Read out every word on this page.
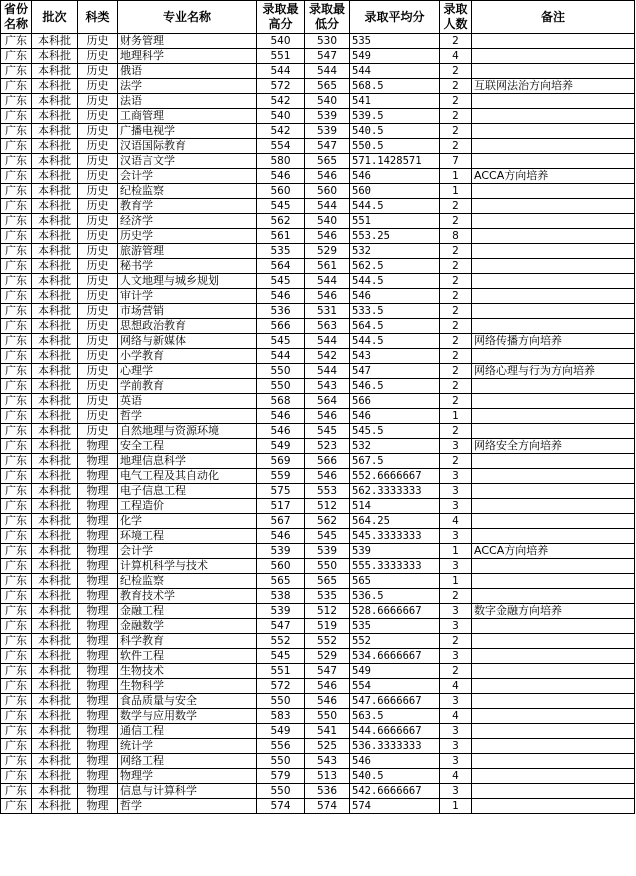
省份名称	批次	科类	专业名称	录取最高分	录取最低分	录取平均分	录取人数	备注
广东	本科批	历史	财务管理	540	530	535	2	
广东	本科批	历史	地理科学	551	547	549	4	
广东	本科批	历史	俄语	544	544	544	2	
广东	本科批	历史	法学	572	565	568.5	2	互联网法治方向培养
广东	本科批	历史	法语	542	540	541	2	
广东	本科批	历史	工商管理	540	539	539.5	2	
广东	本科批	历史	广播电视学	542	539	540.5	2	
广东	本科批	历史	汉语国际教育	554	547	550.5	2	
广东	本科批	历史	汉语言文学	580	565	571.1428571	7	
广东	本科批	历史	会计学	546	546	546	1	ACCA方向培养
广东	本科批	历史	纪检监察	560	560	560	1	
广东	本科批	历史	教育学	545	544	544.5	2	
广东	本科批	历史	经济学	562	540	551	2	
广东	本科批	历史	历史学	561	546	553.25	8	
广东	本科批	历史	旅游管理	535	529	532	2	
广东	本科批	历史	秘书学	564	561	562.5	2	
广东	本科批	历史	人文地理与城乡规划	545	544	544.5	2	
广东	本科批	历史	审计学	546	546	546	2	
广东	本科批	历史	市场营销	536	531	533.5	2	
广东	本科批	历史	思想政治教育	566	563	564.5	2	
广东	本科批	历史	网络与新媒体	545	544	544.5	2	网络传播方向培养
广东	本科批	历史	小学教育	544	542	543	2	
广东	本科批	历史	心理学	550	544	547	2	网络心理与行为方向培养
广东	本科批	历史	学前教育	550	543	546.5	2	
广东	本科批	历史	英语	568	564	566	2	
广东	本科批	历史	哲学	546	546	546	1	
广东	本科批	历史	自然地理与资源环境	546	545	545.5	2	
广东	本科批	物理	安全工程	549	523	532	3	网络安全方向培养
广东	本科批	物理	地理信息科学	569	566	567.5	2	
广东	本科批	物理	电气工程及其自动化	559	546	552.6666667	3	
广东	本科批	物理	电子信息工程	575	553	562.3333333	3	
广东	本科批	物理	工程造价	517	512	514	3	
广东	本科批	物理	化学	567	562	564.25	4	
广东	本科批	物理	环境工程	546	545	545.3333333	3	
广东	本科批	物理	会计学	539	539	539	1	ACCA方向培养
广东	本科批	物理	计算机科学与技术	560	550	555.3333333	3	
广东	本科批	物理	纪检监察	565	565	565	1	
广东	本科批	物理	教育技术学	538	535	536.5	2	
广东	本科批	物理	金融工程	539	512	528.6666667	3	数字金融方向培养
广东	本科批	物理	金融数学	547	519	535	3	
广东	本科批	物理	科学教育	552	552	552	2	
广东	本科批	物理	软件工程	545	529	534.6666667	3	
广东	本科批	物理	生物技术	551	547	549	2	
广东	本科批	物理	生物科学	572	546	554	4	
广东	本科批	物理	食品质量与安全	550	546	547.6666667	3	
广东	本科批	物理	数学与应用数学	583	550	563.5	4	
广东	本科批	物理	通信工程	549	541	544.6666667	3	
广东	本科批	物理	统计学	556	525	536.3333333	3	
广东	本科批	物理	网络工程	550	543	546	3	
广东	本科批	物理	物理学	579	513	540.5	4	
广东	本科批	物理	信息与计算科学	550	536	542.6666667	3	
广东	本科批	物理	哲学	574	574	574	1	
